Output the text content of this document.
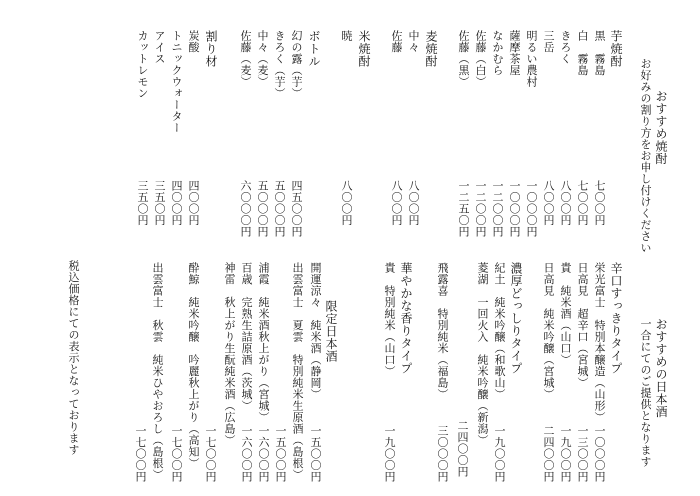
おすすめ焼酎
お好みの割り方をお申し付けください
芋焼酎
黒　霧島
七〇〇円
白　霧島
七〇〇円
きろく
八〇〇円
三岳
八〇〇円
明るい農村
一〇〇〇円
薩摩茶屋
一〇〇〇円
なかむら
一二〇〇円
佐藤（白）
一二〇〇円
佐藤（黒）
一二五〇円
麦焼酎
中々
八〇〇円
佐藤
八〇〇円
米焼酎
暁
八〇〇円
ボトル
幻の露（芋）
四五〇〇円
きろく（芋）
五〇〇〇円
中々（麦）
五〇〇〇円
佐藤（麦）
六〇〇〇円
割り材
炭酸
四〇〇円
トニックウォーター
四〇〇円
アイス
三五〇円
カットレモン
三五〇円
おすすめの日本酒
一合にてのご提供となります
辛口すっきりタイプ
栄光富士　特別本醸造（山形）
一〇〇〇円
日高見　超辛口（宮城）
一三〇〇円
貴　純米酒（山口）
一九〇〇円
日高見　純米吟醸（宮城）
二四〇〇円
濃厚どっしりタイプ
紀土　純米吟醸（和歌山）
一九〇〇円
菱湖　一回火入　純米吟醸（新潟）
二四〇〇円
飛露喜　特別純米（福島）
三〇〇〇円
華やかな香りタイプ
貴　特別純米（山口）
一九〇〇円
限定日本酒
開運涼々　純米酒（静岡）
一五〇〇円
出雲富士　夏雲　特別純米生原酒（島根）
一五〇〇円
浦霞　純米酒秋上がり（宮城）
一六〇〇円
百歳　完熟生詰原酒（茨城）
一六〇〇円
神雷　秋上がり生酛純米酒（広島）
一七〇〇円
酔鯨　純米吟醸　吟麗秋上がり（高知）
一七〇〇円
出雲富士　秋雲　純米ひやおろし（島根）
一七〇〇円
税込価格にての表示となっております
